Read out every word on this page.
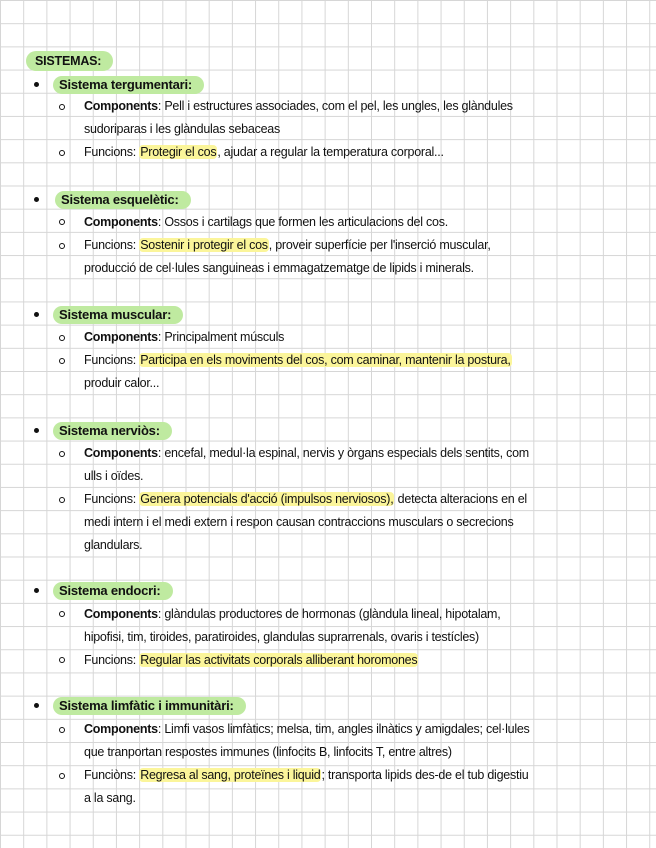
SISTEMAS:
Sistema tergumentari:
Components: Pell i estructures associades, com el pel, les ungles, les glàndules
sudoriparas i les glàndulas sebaceas
Funcions: Protegir el cos, ajudar a regular la temperatura corporal...
Sistema esquelètic:
Components: Ossos i cartilags que formen les articulacions del cos.
Funcions: Sostenir i protegir el cos, proveir superfície per l'inserció muscular,
producció de cel·lules sanguineas i emmagatzematge de lipids i minerals.
Sistema muscular:
Components: Principalment músculs
Funcions: Participa en els moviments del cos, com caminar, mantenir la postura,
produir calor...
Sistema nerviòs:
Components: encefal, medul·la espinal, nervis y òrgans especials dels sentits, com
ulls i oïdes.
Funcions: Genera potencials d'acció (impulsos nerviosos), detecta alteracions en el
medi intern i el medi extern i respon causan contraccions musculars o secrecions
glandulars.
Sistema endocri:
Components: glàndulas productores de hormonas (glàndula lineal, hipotalam,
hipofisi, tim, tiroides, paratiroides, glandulas suprarrenals, ovaris i testícles)
Funcions: Regular las activitats corporals alliberant horomones
Sistema limfàtic i immunitàri:
Components: Limfi vasos limfàtics; melsa, tim, angles ilnàtics y amigdales; cel·lules
que tranportan respostes immunes (linfocits B, linfocits T, entre altres)
Funciòns: Regresa al sang, proteïnes i liquid; transporta lipids des-de el tub digestiu
a la sang.
